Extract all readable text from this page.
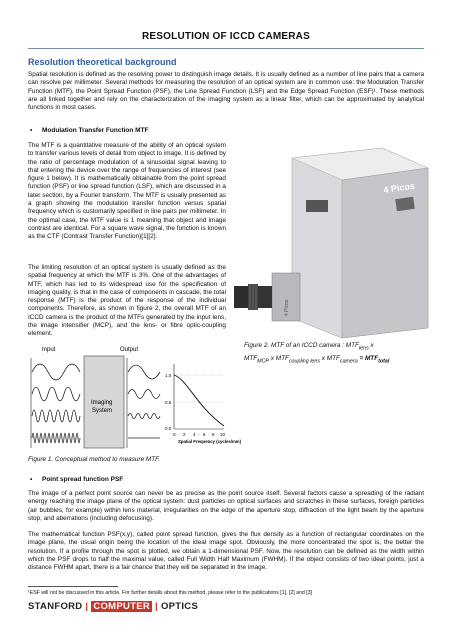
RESOLUTION OF ICCD CAMERAS
Resolution theoretical background
Spatial resolution is defined as the resolving power to distinguish image details. It is usually defined as a number of line pairs that a camera can resolve per millimeter. Several methods for measuring the resolution of an optical system are in common use: the Modulation Transfer Function (MTF), the Point Spread Function (PSF), the Line Spread Function (LSF) and the Edge Spread Function (ESF)¹. These methods are all linked together and rely on the characterization of the imaging system as a linear filter, which can be approximated by analytical functions in most cases.
• Modulation Transfer Function MTF
The MTF is a quantitative measure of the ability of an optical system to transfer various levels of detail from object to image. It is defined by the ratio of percentage modulation of a sinusoidal signal leaving to that entering the device over the range of frequencies of interest (see figure 1 below). It is mathematically obtainable from the point spread function (PSF) or line spread function (LSF), which are discussed in a later section, by a Fourier transform. The MTF is usually presented as a graph showing the modulation transfer function versus spatial frequency which is customarily specified in line pairs per millimeter. In the optimal case, the MTF value is 1 meaning that object and image contrast are identical. For a square wave signal, the function is known as the CTF (Contrast Transfer Function)[1][2].
The limiting resolution of an optical system is usually defined as the spatial frequency at which the MTF is 3%. One of the advantages of MTF, which has led to its widespread use for the specification of imaging quality, is that in the case of components in cascade, the total response (MTF) is the product of the response of the individual components. Therefore, as shown in figure 2, the overall MTF of an ICCD camera is the product of the MTFs generated by the input lens, the image intensifier (MCP), and the lens- or fibre optic-coupling element.
Input	Output
Imaging
System
1.0
0.5
0.0
0 2 4 6 8 10
Spatial Frequency (cycles/mm)
Figure 1. Conceptual method to measure MTF.
4 Picos
4 Picos
Figure 2. MTF of an ICCD camera : $MTF_{lens}$ x
$MTF_{MCP}$ x $MTF_{coupling lens}$ x $MTF_{camera} = MTF_{total}$
• Point spread function PSF
The image of a perfect point source can never be as precise as the point source itself. Several factors cause a spreading of the radiant energy reaching the image plane of the optical system: dust particles on optical surfaces and scratches in these surfaces, foreign particles (air bubbles, for example) within lens material, irregularities on the edge of the aperture stop, diffraction of the light beam by the aperture stop, and aberrations (including defocusing).
The mathematical function PSF(x,y), called point spread function, gives the flux density as a function of rectangular coordinates on the image plane, the usual origin being the location of the ideal image spot. Obviously, the more concentrated the spot is, the better the resolution. If a profile through the spot is plotted, we obtain a 1-dimensional PSF. Now, the resolution can be defined as the width within which the PSF drops to half the maximal value, called Full Width Half Maximum (FWHM). If the object consists of two ideal points, just a distance FWHM apart, there is a fair chance that they will be separated in the image.
¹ESF will not be discussed in this article. For further details about this method, please refer to the publications [1], [2] and [3]
STANFORD | COMPUTER | OPTICS
